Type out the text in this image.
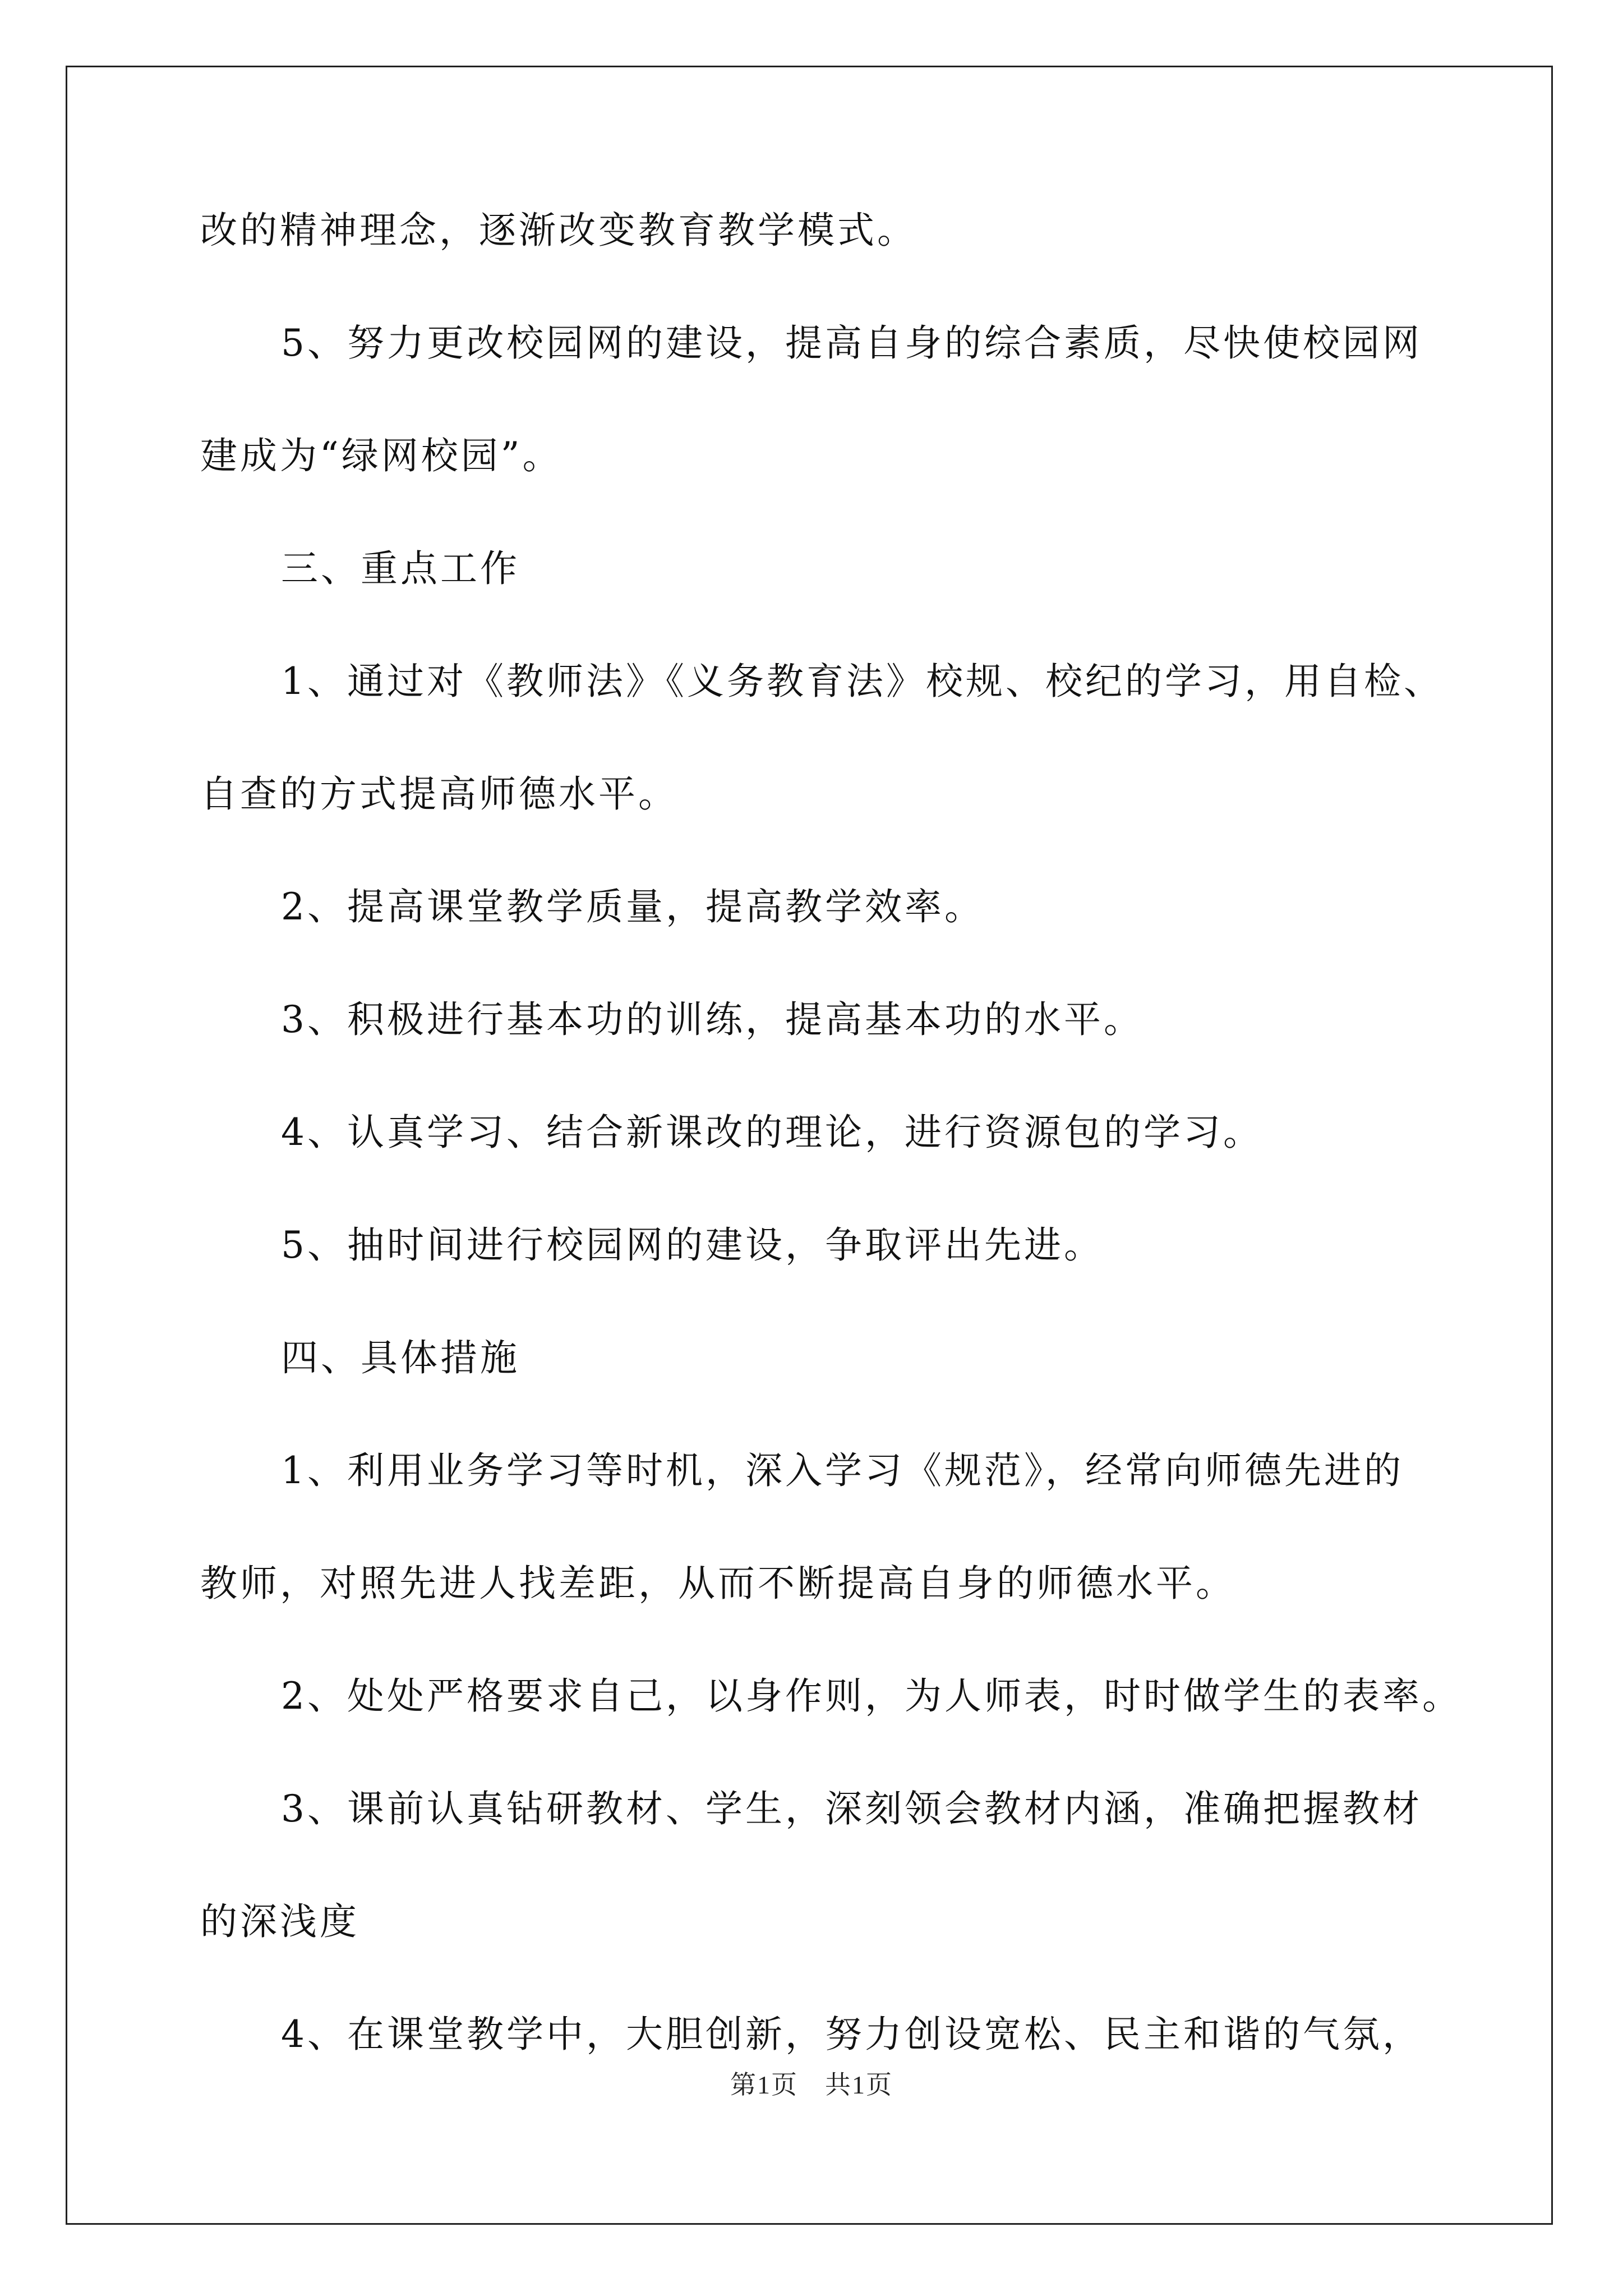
改的精神理念，逐渐改变教育教学模式。
5、努力更改校园网的建设，提高自身的综合素质，尽快使校园网
建成为“绿网校园”。
三、重点工作
1、通过对《教师法》《义务教育法》校规、校纪的学习，用自检、
自查的方式提高师德水平。
2、提高课堂教学质量，提高教学效率。
3、积极进行基本功的训练，提高基本功的水平。
4、认真学习、结合新课改的理论，进行资源包的学习。
5、抽时间进行校园网的建设，争取评出先进。
四、具体措施
1、利用业务学习等时机，深入学习《规范》，经常向师德先进的
教师，对照先进人找差距，从而不断提高自身的师德水平。
2、处处严格要求自己，以身作则，为人师表，时时做学生的表率。
3、课前认真钻研教材、学生，深刻领会教材内涵，准确把握教材
的深浅度
4、在课堂教学中，大胆创新，努力创设宽松、民主和谐的气氛，
第1页　共1页
